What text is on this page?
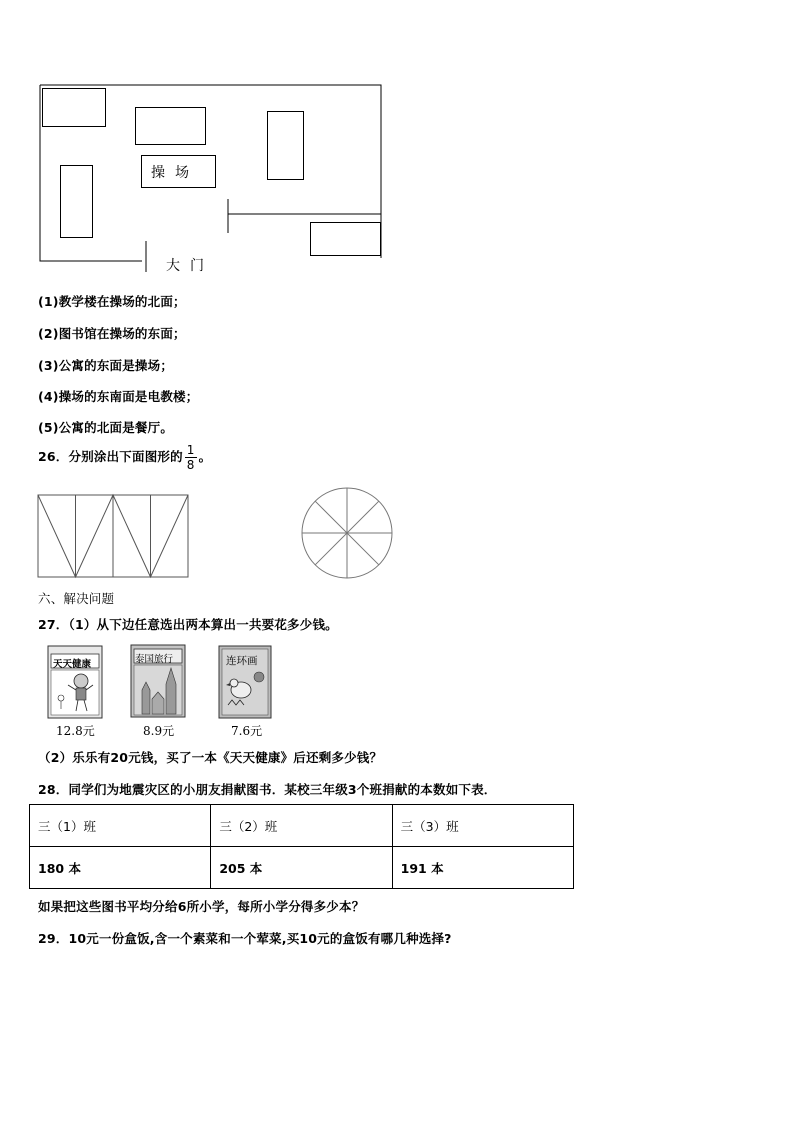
操场
大门
(1)教学楼在操场的北面；
(2)图书馆在操场的东面；
(3)公寓的东面是操场；
(4)操场的东南面是电教楼；
(5)公寓的北面是餐厅。
26．分别涂出下面图形的 $\frac{1}{8}$ 。
六、解决问题
27．（1）从下边任意选出两本算出一共要花多少钱。
天天健康
12.8元
泰国旅行
8.9元
连环画
7.6元
（2）乐乐有20元钱，买了一本《天天健康》后还剩多少钱？
28．同学们为地震灾区的小朋友捐献图书．某校三年级3个班捐献的本数如下表．
三（1）班	三（2）班	三（3）班
180 本	205 本	191 本
如果把这些图书平均分给6所小学，每所小学分得多少本？
29．10元一份盒饭,含一个素菜和一个荤菜,买10元的盒饭有哪几种选择?
